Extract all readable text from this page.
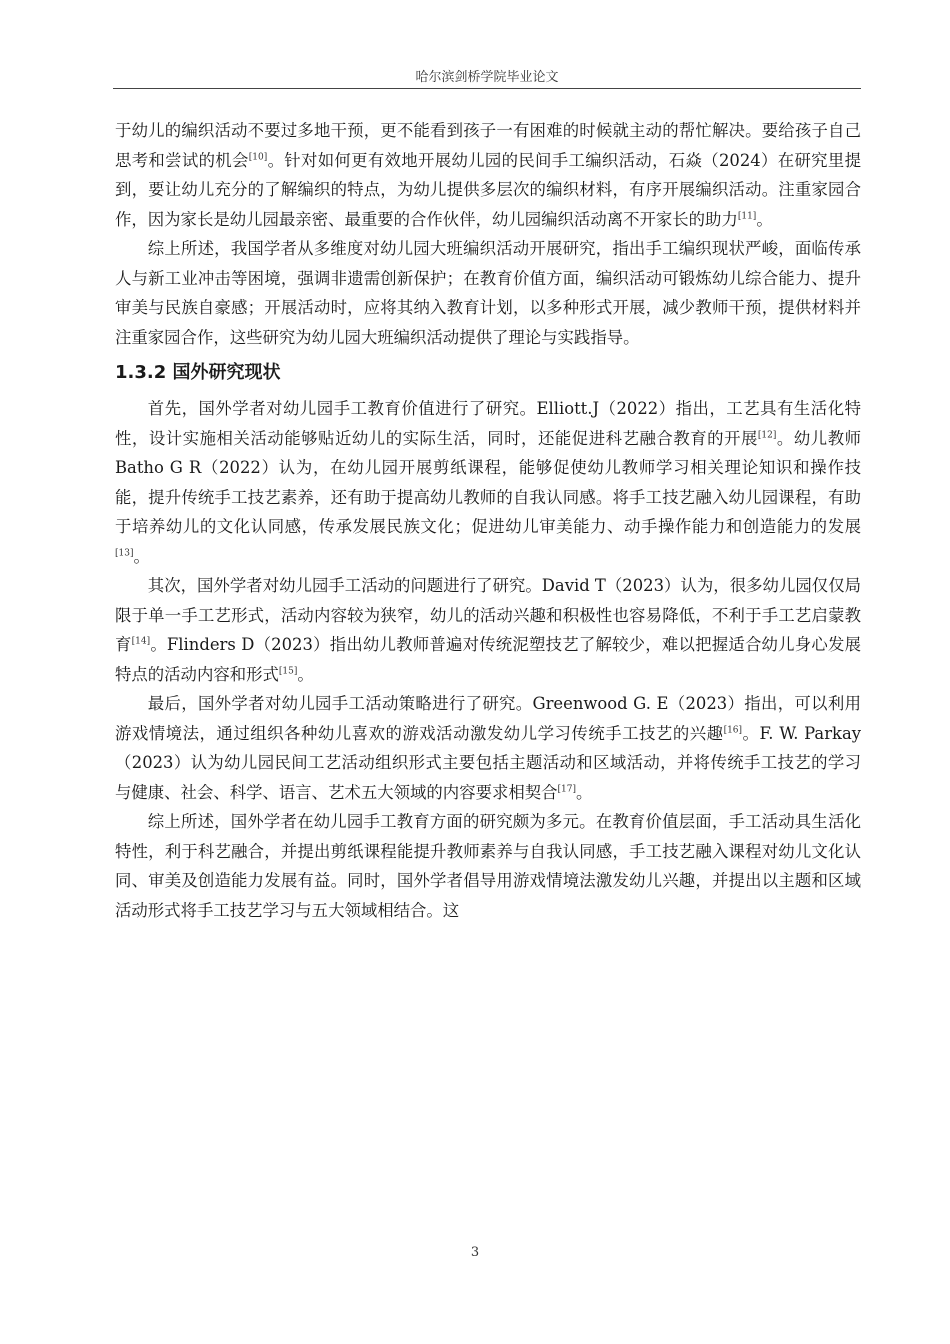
哈尔滨剑桥学院毕业论文

于幼儿的编织活动不要过多地干预，更不能看到孩子一有困难的时候就主动的帮忙解决。要给孩子自己思考和尝试的机会[10]。针对如何更有效地开展幼儿园的民间手工编织活动，石焱（2024）在研究里提到，要让幼儿充分的了解编织的特点，为幼儿提供多层次的编织材料，有序开展编织活动。注重家园合作，因为家长是幼儿园最亲密、最重要的合作伙伴，幼儿园编织活动离不开家长的助力[11]。

综上所述，我国学者从多维度对幼儿园大班编织活动开展研究，指出手工编织现状严峻，面临传承人与新工业冲击等困境，强调非遗需创新保护；在教育价值方面，编织活动可锻炼幼儿综合能力、提升审美与民族自豪感；开展活动时，应将其纳入教育计划，以多种形式开展，减少教师干预，提供材料并注重家园合作，这些研究为幼儿园大班编织活动提供了理论与实践指导。

1.3.2 国外研究现状

首先，国外学者对幼儿园手工教育价值进行了研究。Elliott.J（2022）指出，工艺具有生活化特性，设计实施相关活动能够贴近幼儿的实际生活，同时，还能促进科艺融合教育的开展[12]。幼儿教师 Batho G R（2022）认为，在幼儿园开展剪纸课程，能够促使幼儿教师学习相关理论知识和操作技能，提升传统手工技艺素养，还有助于提高幼儿教师的自我认同感。将手工技艺融入幼儿园课程，有助于培养幼儿的文化认同感，传承发展民族文化；促进幼儿审美能力、动手操作能力和创造能力的发展[13]。

其次，国外学者对幼儿园手工活动的问题进行了研究。David T（2023）认为，很多幼儿园仅仅局限于单一手工艺形式，活动内容较为狭窄，幼儿的活动兴趣和积极性也容易降低，不利于手工艺启蒙教育[14]。Flinders D（2023）指出幼儿教师普遍对传统泥塑技艺了解较少，难以把握适合幼儿身心发展特点的活动内容和形式[15]。

最后，国外学者对幼儿园手工活动策略进行了研究。Greenwood G. E（2023）指出，可以利用游戏情境法，通过组织各种幼儿喜欢的游戏活动激发幼儿学习传统手工技艺的兴趣[16]。F. W. Parkay（2023）认为幼儿园民间工艺活动组织形式主要包括主题活动和区域活动，并将传统手工技艺的学习与健康、社会、科学、语言、艺术五大领域的内容要求相契合[17]。

综上所述，国外学者在幼儿园手工教育方面的研究颇为多元。在教育价值层面，手工活动具生活化特性，利于科艺融合，并提出剪纸课程能提升教师素养与自我认同感，手工技艺融入课程对幼儿文化认同、审美及创造能力发展有益。同时，国外学者倡导用游戏情境法激发幼儿兴趣，并提出以主题和区域活动形式将手工技艺学习与五大领域相结合。这

3
